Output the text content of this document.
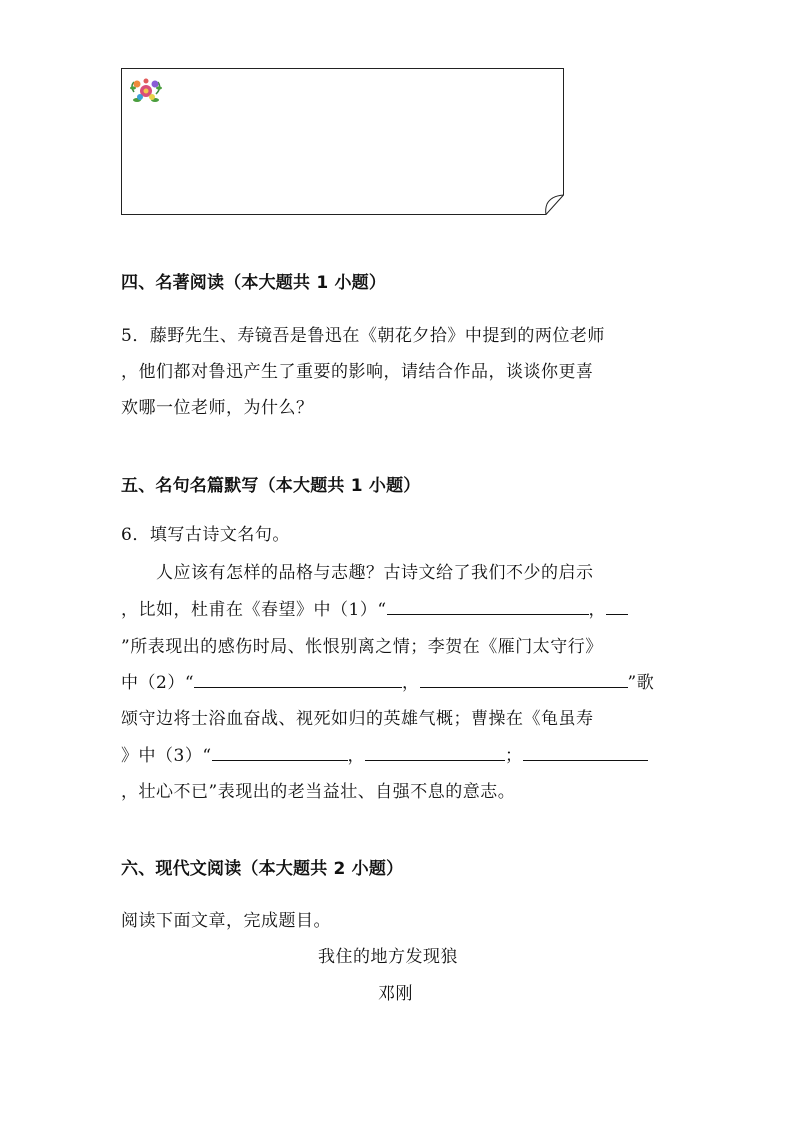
四、名著阅读（本大题共 1 小题）
5．藤野先生、寿镜吾是鲁迅在《朝花夕拾》中提到的两位老师
，他们都对鲁迅产生了重要的影响，请结合作品，谈谈你更喜
欢哪一位老师，为什么？
五、名句名篇默写（本大题共 1 小题）
6．填写古诗文名句。
人应该有怎样的品格与志趣？古诗文给了我们不少的启示
，比如，杜甫在《春望》中（1）“	，
”所表现出的感伤时局、怅恨别离之情；李贺在《雁门太守行》
中（2）“	，	”歌
颂守边将士浴血奋战、视死如归的英雄气概；曹操在《龟虽寿
》中（3）“	，	；
，壮心不已”表现出的老当益壮、自强不息的意志。
六、现代文阅读（本大题共 2 小题）
阅读下面文章，完成题目。
我住的地方发现狼
邓刚
